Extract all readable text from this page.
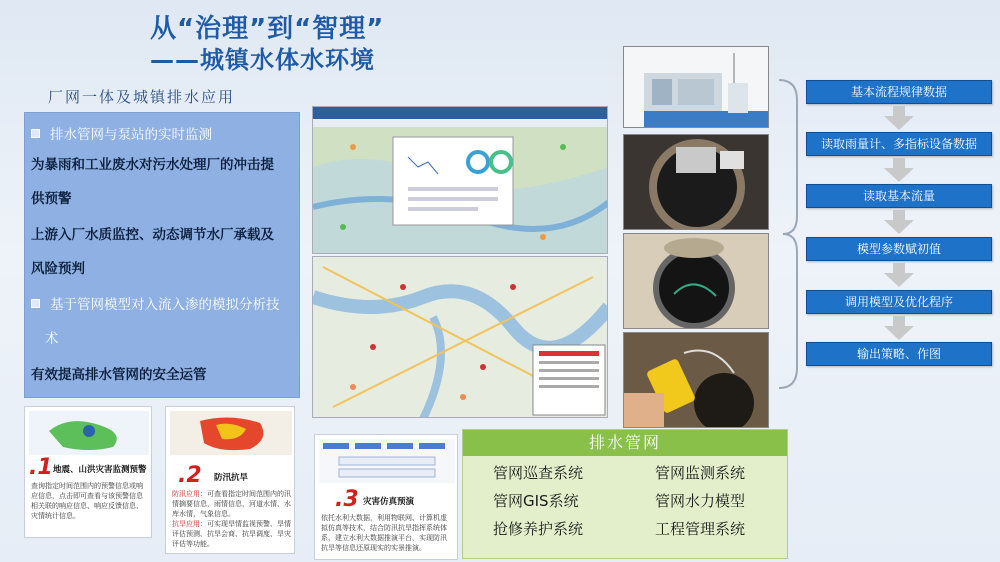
从“治理”到“智理”
——城镇水体水环境
厂网一体及城镇排水应用
排水管网与泵站的实时监测
为暴雨和工业废水对污水处理厂的冲击提
供预警
上游入厂水质监控、动态调节水厂承载及
风险预判
基于管网模型对入流入渗的模拟分析技
术
有效提高排水管网的安全运管
基本流程规律数据
读取雨量计、多指标设备数据
读取基本流量
模型参数赋初值
调用模型及优化程序
输出策略、作图
排水管网
管网巡查系统	管网监测系统
管网GIS系统	管网水力模型
抢修养护系统	工程管理系统
.1 地震、山洪灾害监测预警
查询指定时间范围内的预警信息或响应信息，点击即可查看与该预警信息相关联的响应信息、响应反馈信息、灾情统计信息。
.2 防汛抗旱
防汛应用：可查看指定时间范围内的汛情摘要信息，雨情信息，河道水情、水库水情，气象信息。
抗旱应用：可实现旱情监视预警、旱情评估预测、抗旱会商、抗旱调度、旱灾评估等功能。
.3 灾害仿真预演
依托水利大数据，利用物联网、计算机虚拟仿真等技术，结合防汛抗旱指挥系统体系，建立水利大数据推演平台，实现防汛抗旱等信息还原现实的实景推演。
